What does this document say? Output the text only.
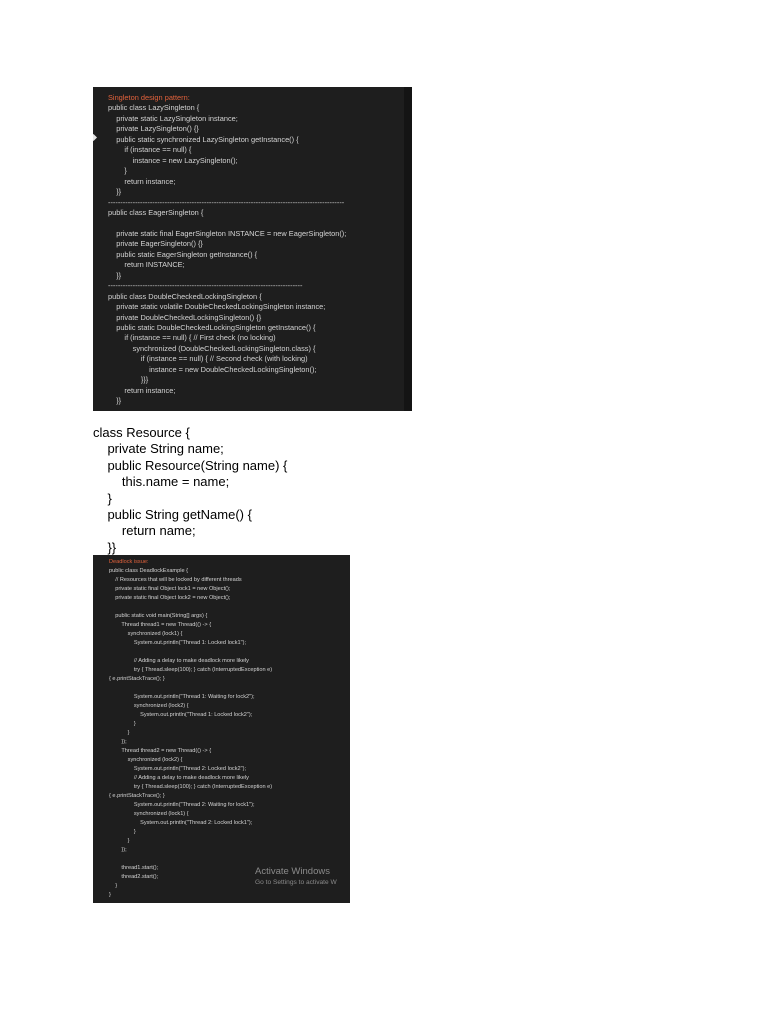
Singleton design pattern:
public class LazySingleton {
private static LazySingleton instance;
private LazySingleton() {}
public static synchronized LazySingleton getInstance() {
if (instance == null) {
instance = new LazySingleton();
}
return instance;
}}
------------------------------------------------------------------------------------------------
public class EagerSingleton {

private static final EagerSingleton INSTANCE = new EagerSingleton();
private EagerSingleton() {}
public static EagerSingleton getInstance() {
return INSTANCE;
}}
-------------------------------------------------------------------------------
public class DoubleCheckedLockingSingleton {
private static volatile DoubleCheckedLockingSingleton instance;
private DoubleCheckedLockingSingleton() {}
public static DoubleCheckedLockingSingleton getInstance() {
if (instance == null) { // First check (no locking)
synchronized (DoubleCheckedLockingSingleton.class) {
if (instance == null) { // Second check (with locking)
instance = new DoubleCheckedLockingSingleton();
}}}
return instance;
}}
class Resource {
private String name;
public Resource(String name) {
this.name = name;
}
public String getName() {
return name;
}}
Deadlock issue:
public class DeadlockExample {
// Resources that will be locked by different threads
private static final Object lock1 = new Object();
private static final Object lock2 = new Object();

public static void main(String[] args) {
Thread thread1 = new Thread(() -> {
synchronized (lock1) {
System.out.println("Thread 1: Locked lock1");

// Adding a delay to make deadlock more likely
try { Thread.sleep(100); } catch (InterruptedException e)
{ e.printStackTrace(); }

System.out.println("Thread 1: Waiting for lock2");
synchronized (lock2) {
System.out.println("Thread 1: Locked lock2");
}
}
});
Thread thread2 = new Thread(() -> {
synchronized (lock2) {
System.out.println("Thread 2: Locked lock2");
// Adding a delay to make deadlock more likely
try { Thread.sleep(100); } catch (InterruptedException e)
{ e.printStackTrace(); }
System.out.println("Thread 2: Waiting for lock1");
synchronized (lock1) {
System.out.println("Thread 2: Locked lock1");
}
}
});

thread1.start();
thread2.start();
}
}
Activate Windows
Go to Settings to activate W
